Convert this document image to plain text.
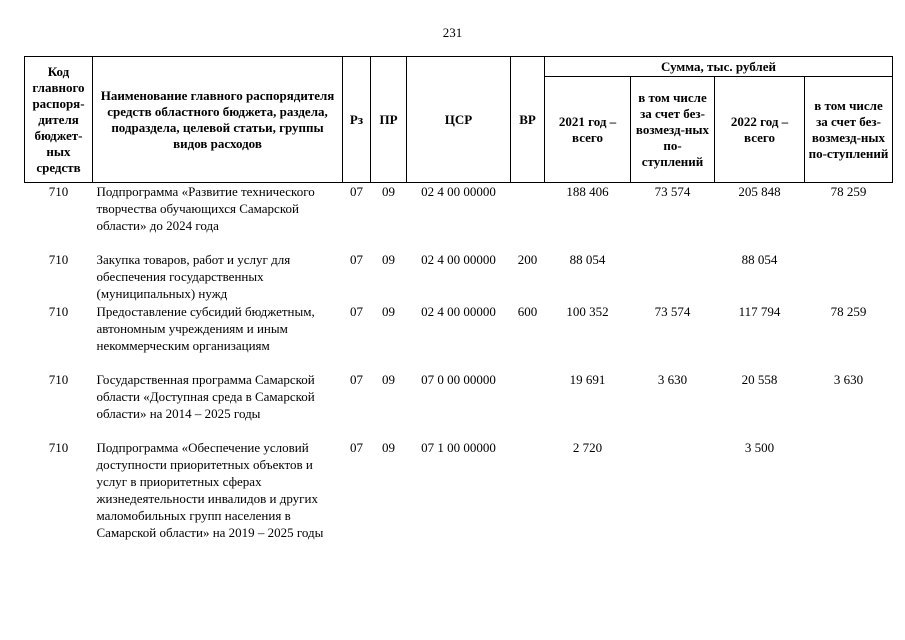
231
Код главного распоря-дителя бюджет-ных средств	Наименование главного распорядителя средств областного бюджета, раздела, подраздела, целевой статьи, группы видов расходов	Рз	ПР	ЦСР	ВР	Сумма, тыс. рублей			
						2021 год – всего	в том числе за счет без-возмезд-ных по-ступлений	2022 год – всего	в том числе за счет без-возмезд-ных по-ступлений
710	Подпрограмма «Развитие технического творчества обучающихся Самарской области» до 2024 года	07	09	02 4 00 00000		188 406	73 574	205 848	78 259
710	Закупка товаров, работ и услуг для обеспечения государственных (муниципальных) нужд	07	09	02 4 00 00000	200	88 054		88 054	
710	Предоставление субсидий бюджетным, автономным учреждениям и иным некоммерческим организациям	07	09	02 4 00 00000	600	100 352	73 574	117 794	78 259
710	Государственная программа Самарской области «Доступная среда в Самарской области» на 2014 – 2025 годы	07	09	07 0 00 00000		19 691	3 630	20 558	3 630
710	Подпрограмма «Обеспечение условий доступности приоритетных объектов и услуг в приоритетных сферах жизнедеятельности инвалидов и других маломобильных групп населения в Самарской области» на 2019 – 2025 годы	07	09	07 1 00 00000		2 720		3 500	
